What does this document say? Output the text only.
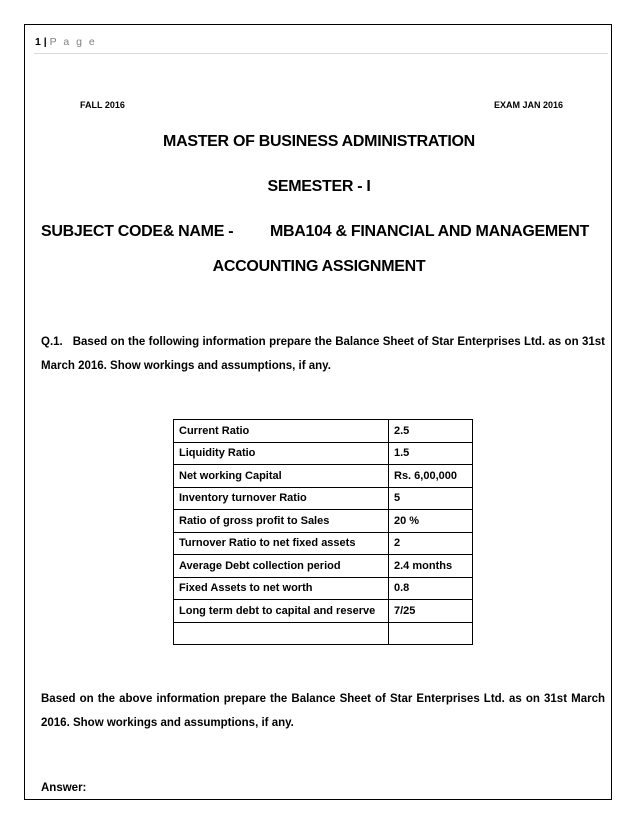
1 | P a g e
FALL 2016	EXAM JAN 2016
MASTER OF BUSINESS ADMINISTRATION
SEMESTER - I
SUBJECT CODE& NAME - MBA104 & FINANCIAL AND MANAGEMENT
ACCOUNTING ASSIGNMENT
Q.1. Based on the following information prepare the Balance Sheet of Star Enterprises Ltd. as on 31st March 2016. Show workings and assumptions, if any.
Current Ratio	2.5
Liquidity Ratio	1.5
Net working Capital	Rs. 6,00,000
Inventory turnover Ratio	5
Ratio of gross profit to Sales	20 %
Turnover Ratio to net fixed assets	2
Average Debt collection period	2.4 months
Fixed Assets to net worth	0.8
Long term debt to capital and reserve	7/25

Based on the above information prepare the Balance Sheet of Star Enterprises Ltd. as on 31st March 2016. Show workings and assumptions, if any.
Answer:
